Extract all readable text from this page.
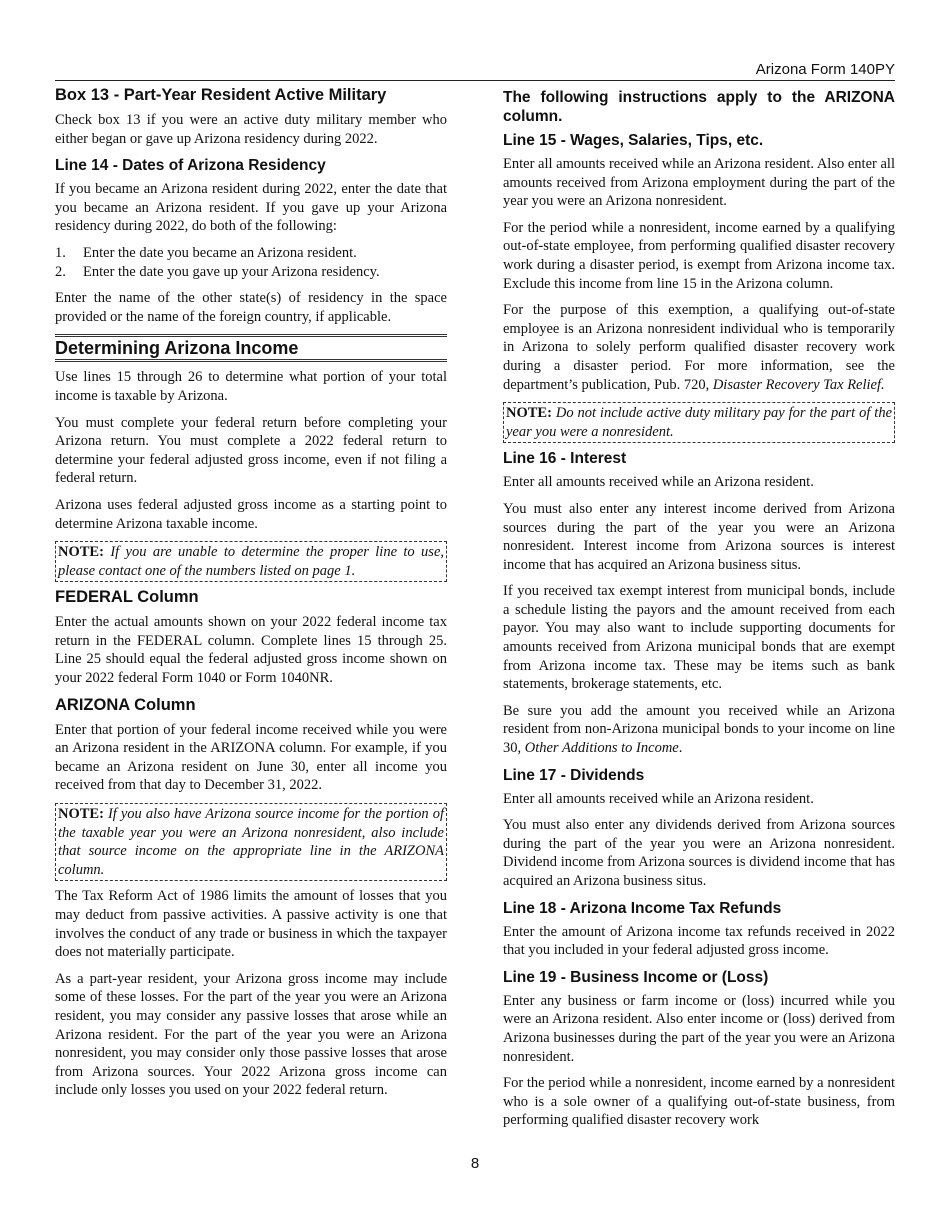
Arizona Form 140PY
Box 13 - Part-Year Resident Active Military

Check box 13 if you were an active duty military member who either began or gave up Arizona residency during 2022.

Line 14 - Dates of Arizona Residency

If you became an Arizona resident during 2022, enter the date that you became an Arizona resident. If you gave up your Arizona residency during 2022, do both of the following:

1.	Enter the date you became an Arizona resident.
2.	Enter the date you gave up your Arizona residency.

Enter the name of the other state(s) of residency in the space provided or the name of the foreign country, if applicable.

Determining Arizona Income

Use lines 15 through 26 to determine what portion of your total income is taxable by Arizona.

You must complete your federal return before completing your Arizona return. You must complete a 2022 federal return to determine your federal adjusted gross income, even if not filing a federal return.

Arizona uses federal adjusted gross income as a starting point to determine Arizona taxable income.

NOTE: If you are unable to determine the proper line to use, please contact one of the numbers listed on page 1.
FEDERAL Column

Enter the actual amounts shown on your 2022 federal income tax return in the FEDERAL column. Complete lines 15 through 25. Line 25 should equal the federal adjusted gross income shown on your 2022 federal Form 1040 or Form 1040NR.

ARIZONA Column

Enter that portion of your federal income received while you were an Arizona resident in the ARIZONA column. For example, if you became an Arizona resident on June 30, enter all income you received from that day to December 31, 2022.

NOTE: If you also have Arizona source income for the portion of the taxable year you were an Arizona nonresident, also include that source income on the appropriate line in the ARIZONA column.

The Tax Reform Act of 1986 limits the amount of losses that you may deduct from passive activities. A passive activity is one that involves the conduct of any trade or business in which the taxpayer does not materially participate.

As a part-year resident, your Arizona gross income may include some of these losses. For the part of the year you were an Arizona resident, you may consider any passive losses that arose while an Arizona resident. For the part of the year you were an Arizona nonresident, you may consider only those passive losses that arose from Arizona sources. Your 2022 Arizona gross income can include only losses you used on your 2022 federal return.

The following instructions apply to the ARIZONA column.
Line 15 - Wages, Salaries, Tips, etc.

Enter all amounts received while an Arizona resident. Also enter all amounts received from Arizona employment during the part of the year you were an Arizona nonresident.

For the period while a nonresident, income earned by a qualifying out-of-state employee, from performing qualified disaster recovery work during a disaster period, is exempt from Arizona income tax. Exclude this income from line 15 in the Arizona column.

For the purpose of this exemption, a qualifying out-of-state employee is an Arizona nonresident individual who is temporarily in Arizona to solely perform qualified disaster recovery work during a disaster period. For more information, see the department’s publication, Pub. 720, Disaster Recovery Tax Relief.

NOTE: Do not include active duty military pay for the part of the year you were a nonresident.
Line 16 - Interest

Enter all amounts received while an Arizona resident.

You must also enter any interest income derived from Arizona sources during the part of the year you were an Arizona nonresident. Interest income from Arizona sources is interest income that has acquired an Arizona business situs.

If you received tax exempt interest from municipal bonds, include a schedule listing the payors and the amount received from each payor. You may also want to include supporting documents for amounts received from Arizona municipal bonds that are exempt from Arizona income tax. These may be items such as bank statements, brokerage statements, etc.

Be sure you add the amount you received while an Arizona resident from non-Arizona municipal bonds to your income on line 30, Other Additions to Income.

Line 17 - Dividends

Enter all amounts received while an Arizona resident.

You must also enter any dividends derived from Arizona sources during the part of the year you were an Arizona nonresident. Dividend income from Arizona sources is dividend income that has acquired an Arizona business situs.

Line 18 - Arizona Income Tax Refunds

Enter the amount of Arizona income tax refunds received in 2022 that you included in your federal adjusted gross income.

Line 19 - Business Income or (Loss)

Enter any business or farm income or (loss) incurred while you were an Arizona resident. Also enter income or (loss) derived from Arizona businesses during the part of the year you were an Arizona nonresident.

For the period while a nonresident, income earned by a nonresident who is a sole owner of a qualifying out-of-state business, from performing qualified disaster recovery work

8
